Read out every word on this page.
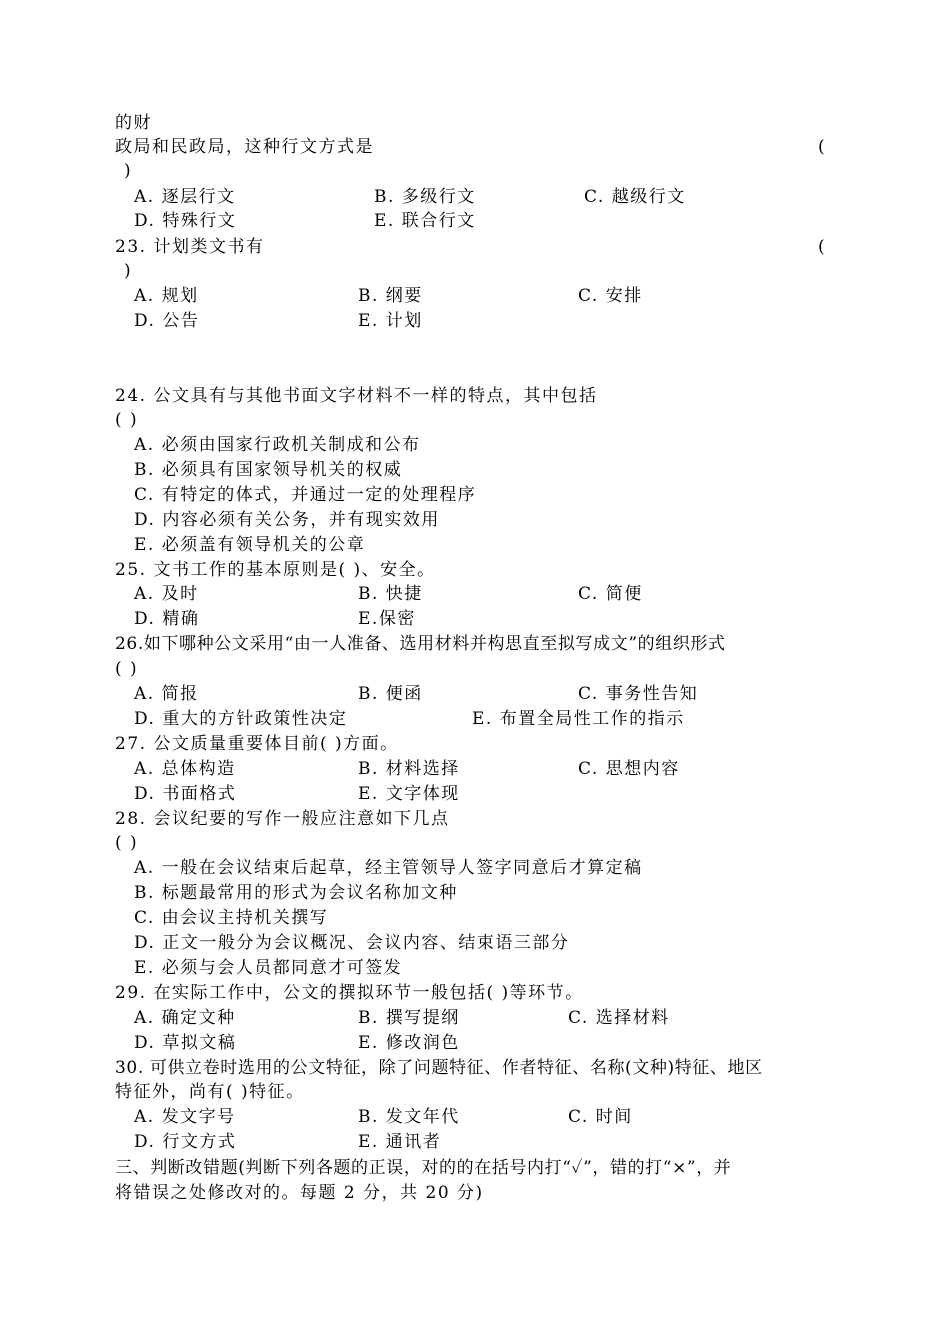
的财
政局和民政局，这种行文方式是	(
)
A. 逐层行文	B. 多级行文	C. 越级行文
D. 特殊行文	E. 联合行文
23. 计划类文书有	(
)
A. 规划	B. 纲要	C. 安排
D. 公告	E. 计划
24. 公文具有与其他书面文字材料不一样的特点，其中包括
( )
A. 必须由国家行政机关制成和公布
B. 必须具有国家领导机关的权威
C. 有特定的体式，并通过一定的处理程序
D. 内容必须有关公务，并有现实效用
E. 必须盖有领导机关的公章
25. 文书工作的基本原则是( )、安全。
A. 及时	B. 快捷	C. 简便
D. 精确	E.保密
26.如下哪种公文采用“由一人准备、选用材料并构思直至拟写成文”的组织形式
( )
A. 简报	B. 便函	C. 事务性告知
D. 重大的方针政策性决定	E. 布置全局性工作的指示
27. 公文质量重要体目前( )方面。
A. 总体构造	B. 材料选择	C. 思想内容
D. 书面格式	E. 文字体现
28. 会议纪要的写作一般应注意如下几点
( )
A. 一般在会议结束后起草，经主管领导人签字同意后才算定稿
B. 标题最常用的形式为会议名称加文种
C. 由会议主持机关撰写
D. 正文一般分为会议概况、会议内容、结束语三部分
E. 必须与会人员都同意才可签发
29. 在实际工作中，公文的撰拟环节一般包括( )等环节。
A. 确定文种	B. 撰写提纲	C. 选择材料
D. 草拟文稿	E. 修改润色
30. 可供立卷时选用的公文特征，除了问题特征、作者特征、名称(文种)特征、地区
特征外，尚有( )特征。
A. 发文字号	B. 发文年代	C. 时间
D. 行文方式	E. 通讯者
三、判断改错题(判断下列各题的正误，对的的在括号内打“✓”，错的打“×”，并
将错误之处修改对的。每题 2 分，共 20 分)
